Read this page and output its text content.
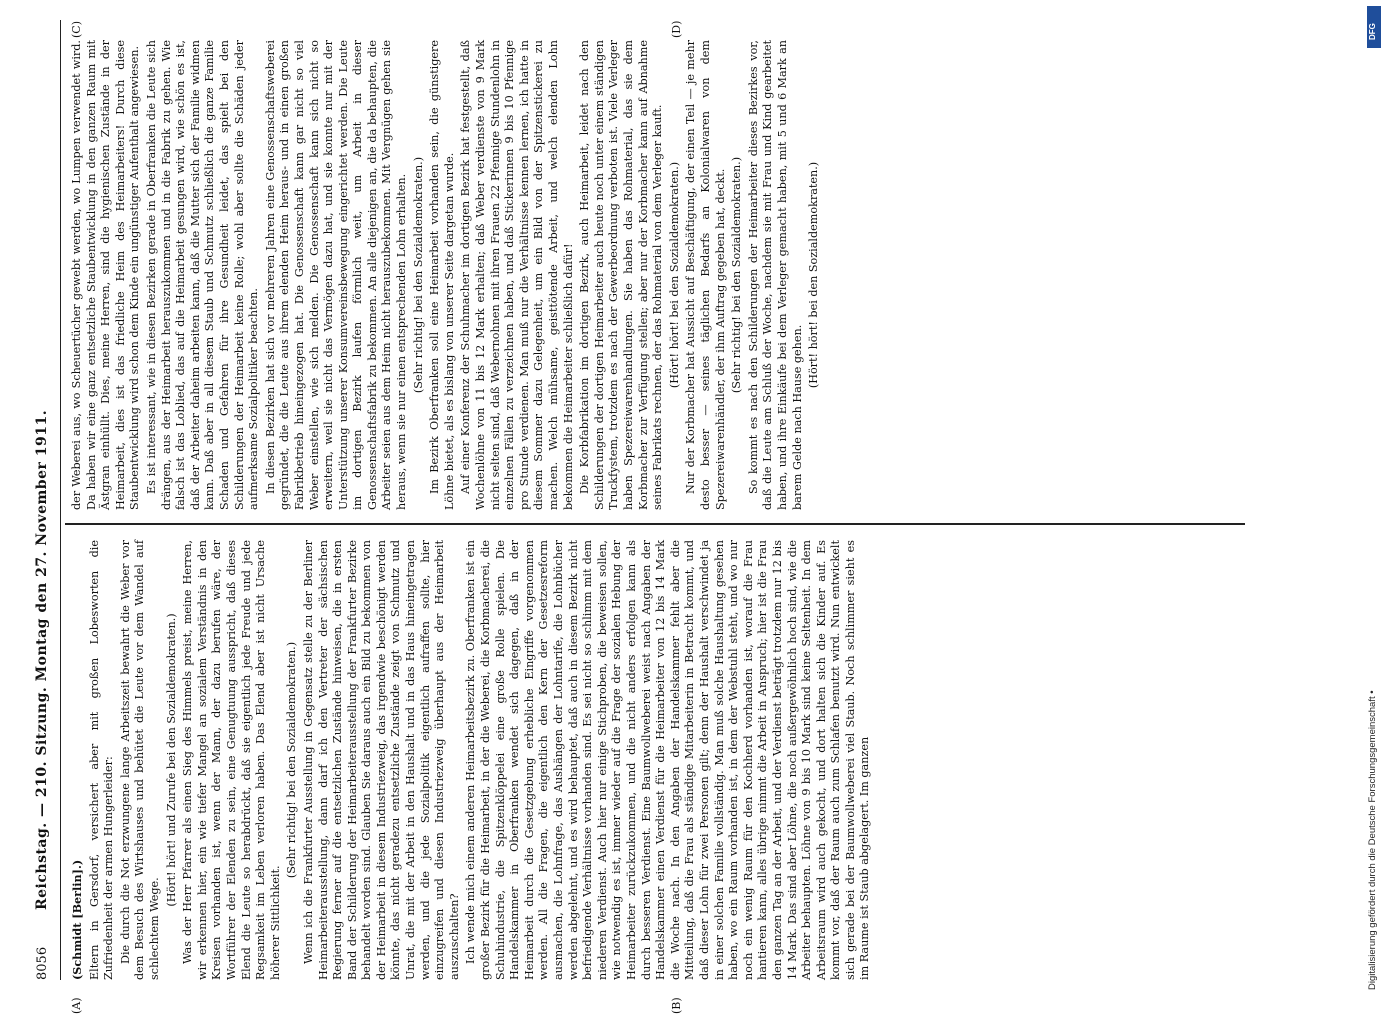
8056
Reichstag. — 210. Sitzung. Montag den 27. November 1911.
(A)	(B)
(C)	(D)

(Schmidt [Berlin].) Eltern in Gersdorf, versichert aber mit großen Lobesworten die Zufriedenheit der armen Hungerleider: Die durch die Not erzwungene lange Arbeitszeit bewahrt die Weber vor dem Besuch des Wirtshauses und behütet die Leute vor dem Wandel auf schlechtem Wege.

(Hört! hört! und Zurufe bei den Sozialdemokraten.) Was der Herr Pfarrer als einen Sieg des Himmels preist, meine Herren, wir erkennen hier, ein wie tiefer Mangel an sozialem Verständnis in den Kreisen vorhanden ist, wenn der Mann, der dazu berufen wäre, der Wortführer der Elenden zu sein, eine Genugtuung ausspricht, daß dieses Elend die Leute so herabdrückt, daß sie eigentlich jede Freude und jede Regsamkeit im Leben verloren haben. Das Elend aber ist nicht Ursache höherer Sittlichkeit.

(Sehr richtig! bei den Sozialdemokraten.) Wenn ich die Frankfurter Ausstellung in Gegensatz stelle zu der Berliner Heimarbeiterausstellung, dann darf ich den Vertreter der sächsischen Regierung ferner auf die entsetzlichen Zustände hinweisen, die in ersten Band der Schilderung der Heimarbeiterausstellung der Frankfurter Bezirke behandelt worden sind. Glauben Sie daraus auch ein Bild zu bekommen von der Heimarbeit in diesem Industriezweig, das irgendwie beschönigt werden könnte, das nicht geradezu entsetzliche Zustände zeigt von Schmutz und Unrat, die mit der Arbeit in den Haushalt und in das Haus hineingetragen werden, und die jede Sozialpolitik eigentlich aufraffen sollte, hier einzugreifen und diesen Industriezweig überhaupt aus der Heimarbeit auszuschalten? Ich wende mich einem anderen Heimarbeitsbezirk zu. Oberfranken ist ein großer Bezirk für die Heimarbeit, in der die Weberei, die Korbmacherei, die Schuhindustrie, die Spitzenklöppelei eine große Rolle spielen. Die Handelskammer in Oberfranken wendet sich dagegen, daß in der Heimarbeit durch die Gesetzgebung erhebliche Eingriffe vorgenommen werden. All die Fragen, die eigentlich den Kern der Gesetzesreform ausmachen, die Lohnfrage, das Aushängen der Lohntarife, die Lohnbücher werden abgelehnt, und es wird behauptet, daß auch in diesem Bezirk nicht befriedigende Verhältnisse vorhanden sind. Es sei nicht so schlimm mit dem niederen Verdienst. Auch hier nur einige Stichproben, die beweisen sollen, wie notwendig es ist, immer wieder auf die Frage der sozialen Hebung der Heimarbeiter zurückzukommen, und die nicht anders erfolgen kann als durch besseren Verdienst. Eine Baumwollweberei weist nach Angaben der Handelskammer einen Verdienst für die Heimarbeiter von 12 bis 14 Mark die Woche nach. In den Angaben der Handelskammer fehlt aber die Mitteilung, daß die Frau als ständige Mitarbeiterin in Betracht kommt, und daß dieser Lohn für zwei Personen gilt; denn der Haushalt verschwindet ja in einer solchen Familie vollständig. Man muß solche Haushaltung gesehen haben, wo ein Raum vorhanden ist, in dem der Webstuhl steht, und wo nur noch ein wenig Raum für den Kochherd vorhanden ist, worauf die Frau hantieren kann, alles übrige nimmt die Arbeit in Anspruch; hier ist die Frau den ganzen Tag an der Arbeit, und der Verdienst beträgt trotzdem nur 12 bis 14 Mark. Das sind aber Löhne, die noch außergewöhnlich hoch sind, wie die Arbeiter behaupten. Löhne von 9 bis 10 Mark sind keine Seltenheit. In dem Arbeitsraum wird auch gekocht, und dort halten sich die Kinder auf. Es kommt vor, daß der Raum auch zum Schlafen benutzt wird. Nun entwickelt sich gerade bei der Baumwollweberei viel Staub. Noch schlimmer sieht es im Raume ist Staub abgelagert. Im ganzen

der Weberei aus, wo Scheuertücher gewebt werden, wo Lumpen verwendet wird. Da haben wir eine ganz entsetzliche Staubentwicklung in den ganzen Raum mit Ästgran einhüllt. Dies, meine Herren, sind die hygienischen Zustände in der Heimarbeit, dies ist das friedliche Heim des Heimarbeiters! Durch diese Staubentwicklung wird schon dem Kinde ein ungünstiger Aufenthalt angewiesen. Es ist interessant, wie in diesen Bezirken gerade in Oberfranken die Leute sich drängen, aus der Heimarbeit herauszukommen und in die Fabrik zu gehen. Wie falsch ist das Loblied, das auf die Heimarbeit gesungen wird, wie schön es ist, daß der Arbeiter daheim arbeiten kann, daß die Mutter sich der Familie widmen kann. Daß aber in all diesem Staub und Schmutz schließlich die ganze Familie Schaden und Gefahren für ihre Gesundheit leidet, das spielt bei den Schilderungen der Heimarbeit keine Rolle; wohl aber sollte die Schäden jeder aufmerksame Sozialpolitiker beachten. In diesen Bezirken hat sich vor mehreren Jahren eine Genossenschaftsweberei gegründet, die die Leute aus ihrem elenden Heim heraus- und in einen großen Fabrikbetrieb hineingezogen hat. Die Genossenschaft kann gar nicht so viel Weber einstellen, wie sich melden. Die Genossenschaft kann sich nicht so erweitern, weil sie nicht das Vermögen dazu hat, und sie konnte nur mit der Unterstützung unserer Konsumvereinsbewegung eingerichtet werden. Die Leute im dortigen Bezirk laufen förmlich weit, um Arbeit in dieser Genossenschaftsfabrik zu bekommen. An alle diejenigen an, die da behaupten, die Arbeiter seien aus dem Heim nicht herauszubekommen. Mit Vergnügen gehen sie heraus, wenn sie nur einen entsprechenden Lohn erhalten. (Sehr richtig! bei den Sozialdemokraten.) Im Bezirk Oberfranken soll eine Heimarbeit vorhanden sein, die günstigere Löhne bietet, als es bislang von unserer Seite dargetan wurde. Auf einer Konferenz der Schuhmacher im dortigen Bezirk hat festgestellt, daß Wochenlöhne von 11 bis 12 Mark erhalten; daß Weber verdienste von 9 Mark nicht selten sind, daß Webernohnen mit ihren Frauen 22 Pfennige Stundenlohn in einzelnen Fällen zu verzeichnen haben, und daß Stickerinnen 9 bis 10 Pfennige pro Stunde verdienen. Man muß nur die Verhältnisse kennen lernen, ich hatte in diesem Sommer dazu Gelegenheit, um ein Bild von der Spitzenstickerei zu machen. Welch mühsame, geisttötende Arbeit, und welch elenden Lohn bekommen die Heimarbeiter schließlich dafür! Die Korbfabrikation im dortigen Bezirk, auch Heimarbeit, leidet nach den Schilderungen der dortigen Heimarbeiter auch heute noch unter einem ständigen Truckfystem, trotzdem es nach der Gewerbeordnung verboten ist. Viele Verleger haben Spezereiwarenhandlungen. Sie haben das Rohmaterial, das sie dem Korbmacher zur Verfügung stellen; aber nur der Korbmacher kann auf Abnahme seines Fabrikats rechnen, der das Rohmaterial von dem Verleger kauft. (Hört! hört! bei den Sozialdemokraten.) Nur der Korbmacher hat Aussicht auf Beschäftigung, der einen Teil — je mehr desto besser — seines täglichen Bedarfs an Kolonialwaren von dem Spezereiwarenhändler, der ihm Auftrag gegeben hat, deckt. (Sehr richtig! bei den Sozialdemokraten.) So kommt es nach den Schilderungen der Heimarbeiter dieses Bezirkes vor, daß die Leute am Schluß der Woche, nachdem sie mit Frau und Kind gearbeitet haben, und ihre Einkäufe bei dem Verleger gemacht haben, mit 5 und 6 Mark an barem Gelde nach Hause gehen.

(Hört! hört! bei den Sozialdemokraten.)
DFG
Digitalisierung gefördert durch die Deutsche Forschungsgemeinschaft •
